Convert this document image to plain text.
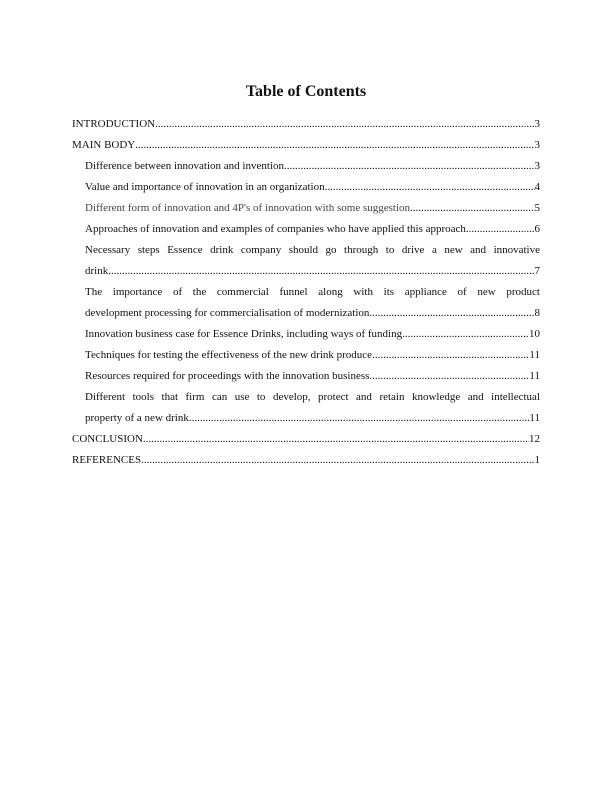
Table of Contents
INTRODUCTION .....	3
MAIN BODY .....	3
Difference between innovation and invention .....	3
Value and importance of innovation in an organization .....	4
Different form of innovation and 4P's of innovation with some suggestion .....	5
Approaches of innovation and examples of companies who have applied this approach .....	6
Necessary steps Essence drink company should go through to drive a new and innovative
drink .....	7
The importance of the commercial funnel along with its appliance of new product
development processing for commercialisation of modernization .....	8
Innovation business case for Essence Drinks, including ways of funding .....	10
Techniques for testing the effectiveness of the new drink produce .....	11
Resources required for proceedings with the innovation business .....	11
Different tools that firm can use to develop, protect and retain knowledge and intellectual
property of a new drink .....	11
CONCLUSION .....	12
REFERENCES .....	1
